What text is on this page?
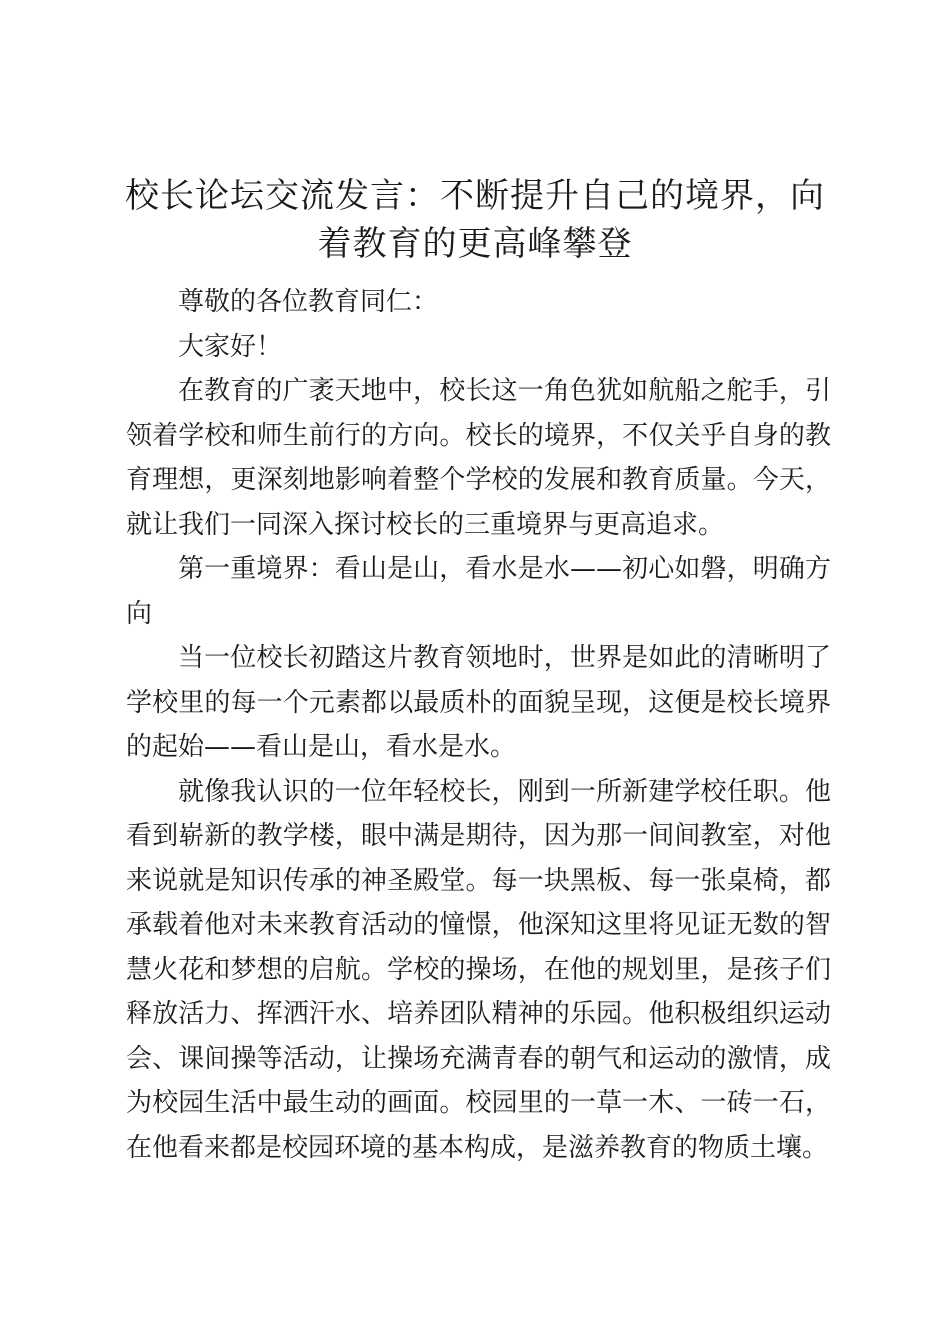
校长论坛交流发言：不断提升自己的境界，向着教育的更高峰攀登

尊敬的各位教育同仁：

大家好！

在教育的广袤天地中，校长这一角色犹如航船之舵手，引领着学校和师生前行的方向。校长的境界，不仅关乎自身的教育理想，更深刻地影响着整个学校的发展和教育质量。今天，就让我们一同深入探讨校长的三重境界与更高追求。

第一重境界：看山是山，看水是水——初心如磐，明确方向

当一位校长初踏这片教育领地时，世界是如此的清晰明了学校里的每一个元素都以最质朴的面貌呈现，这便是校长境界的起始——看山是山，看水是水。

就像我认识的一位年轻校长，刚到一所新建学校任职。他看到崭新的教学楼，眼中满是期待，因为那一间间教室，对他来说就是知识传承的神圣殿堂。每一块黑板、每一张桌椅，都承载着他对未来教育活动的憧憬，他深知这里将见证无数的智慧火花和梦想的启航。学校的操场，在他的规划里，是孩子们释放活力、挥洒汗水、培养团队精神的乐园。他积极组织运动会、课间操等活动，让操场充满青春的朝气和运动的激情，成为校园生活中最生动的画面。校园里的一草一木、一砖一石，在他看来都是校园环境的基本构成，是滋养教育的物质土壤。
